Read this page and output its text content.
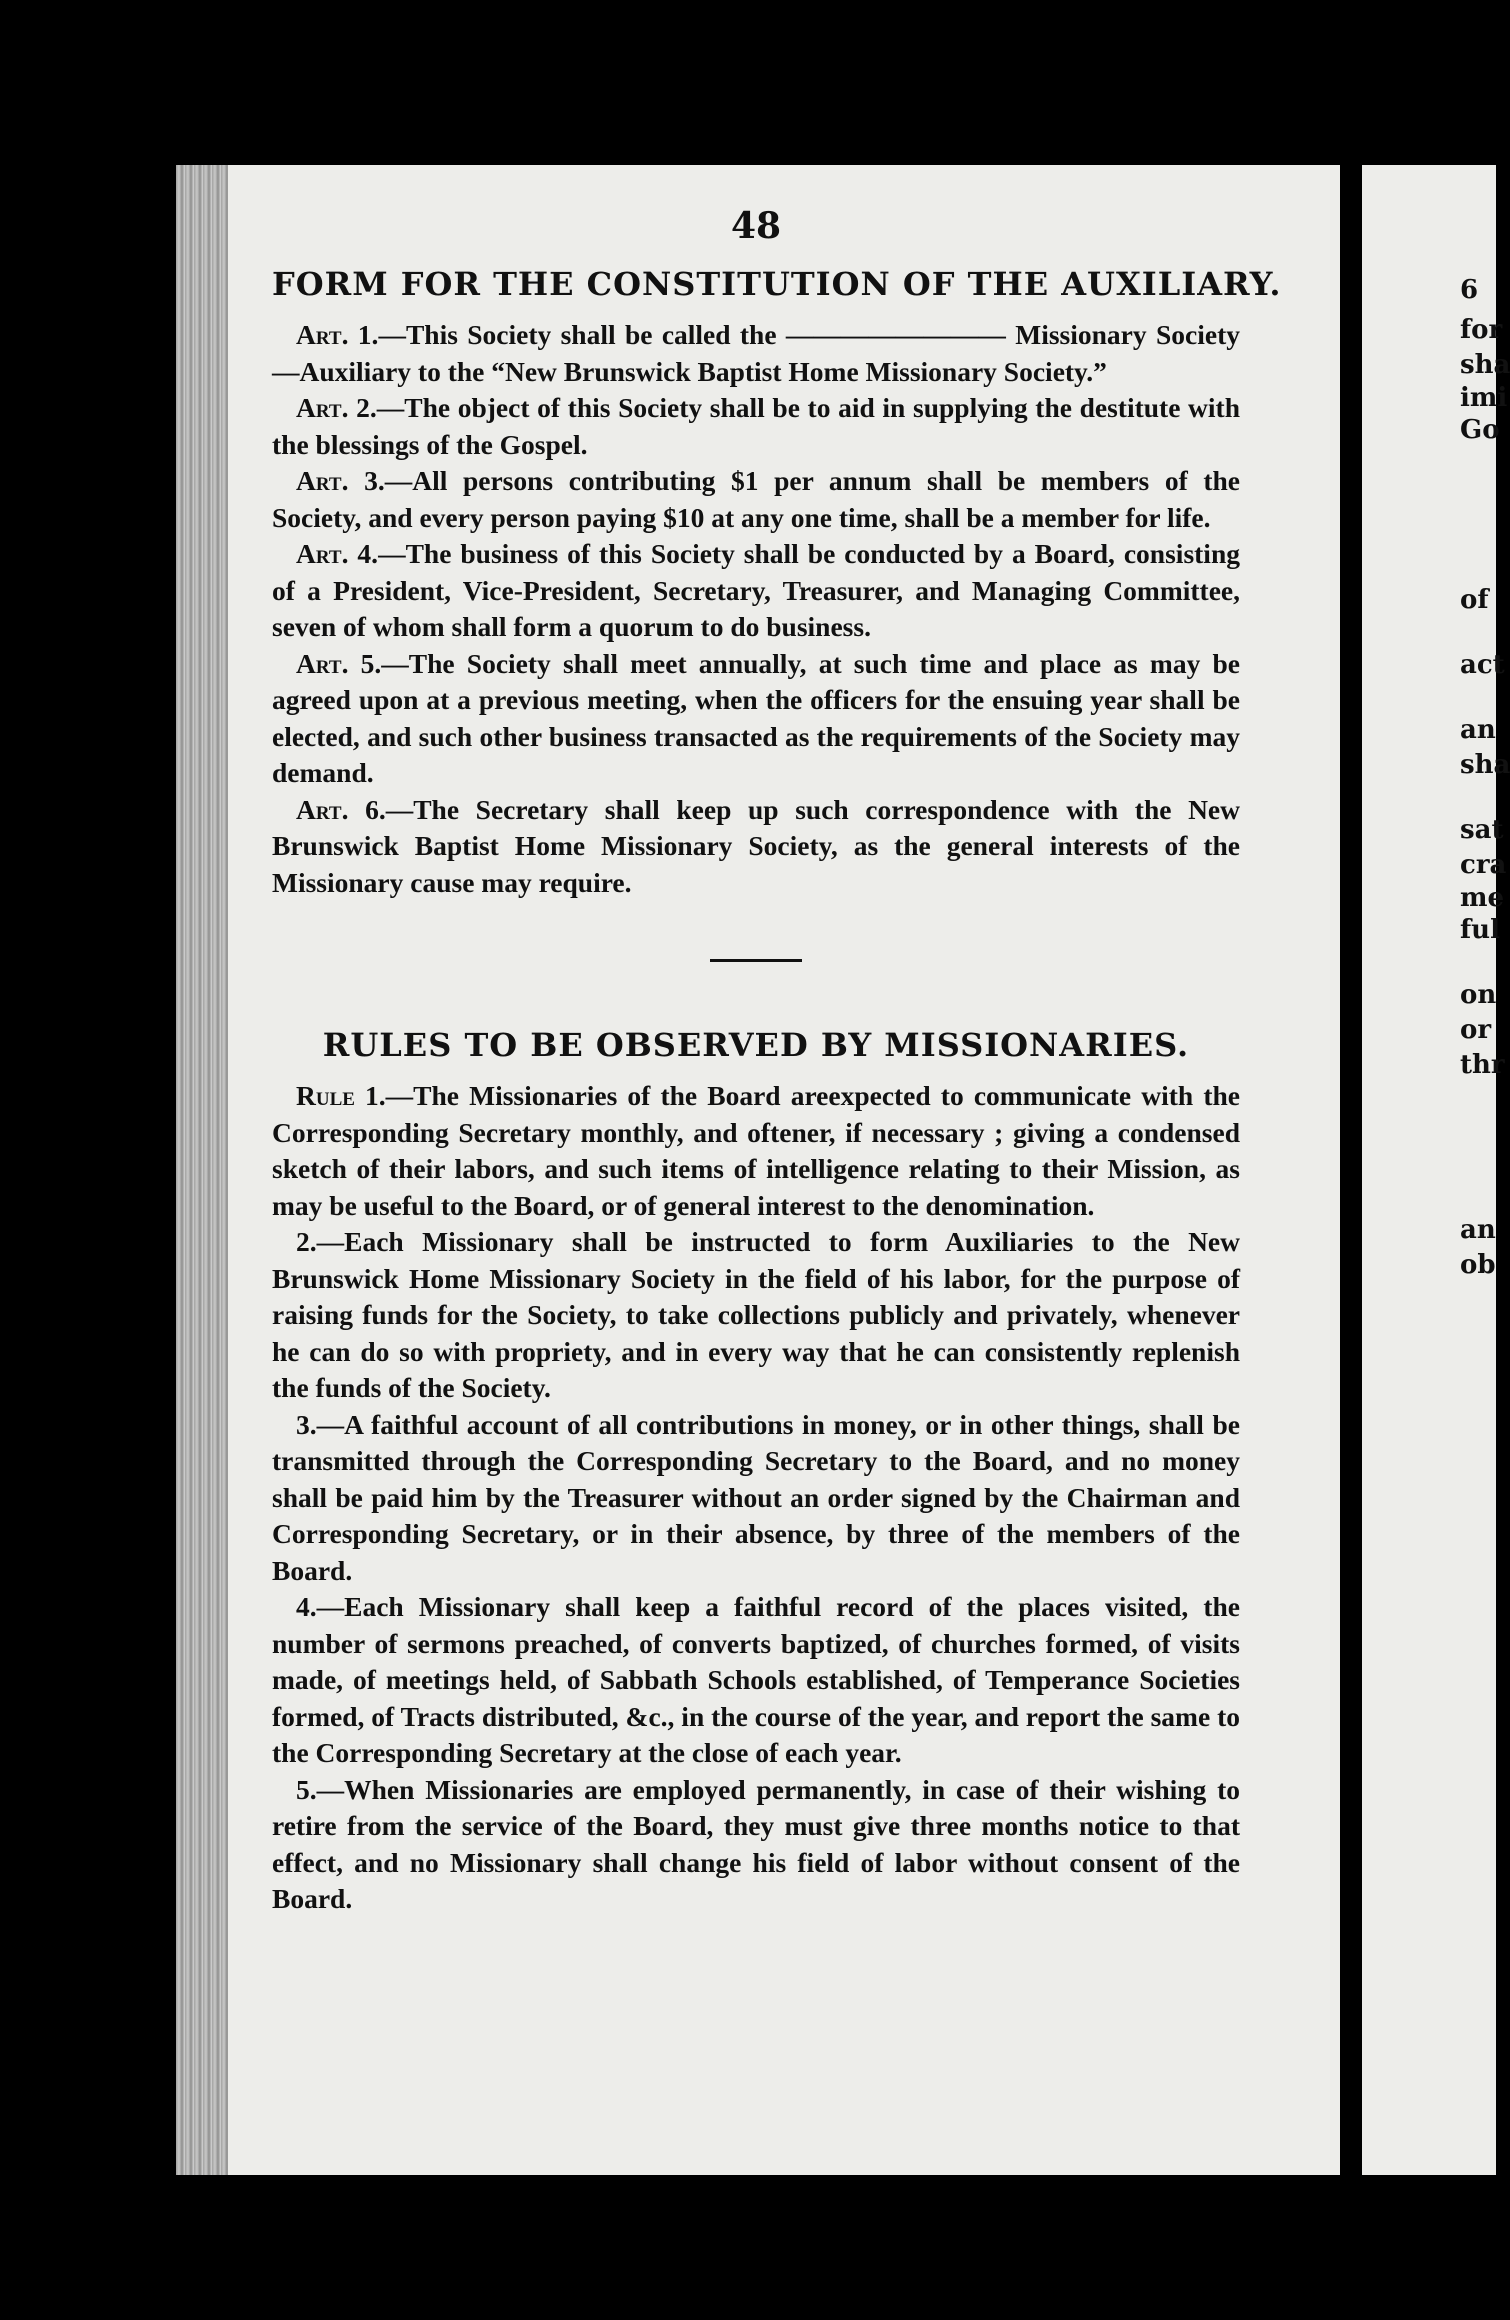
6
for
sha
imi
Go
of
act
an
sha
sat
cra
me
ful
on
or
thr
an
ob
48
FORM FOR THE CONSTITUTION OF THE AUXILIARY.

Art. 1.—This Society shall be called the ———————— Missionary Society—Auxiliary to the “New Brunswick Baptist Home Missionary Society.”

Art. 2.—The object of this Society shall be to aid in supplying the destitute with the blessings of the Gospel.

Art. 3.—All persons contributing $1 per annum shall be members of the Society, and every person paying $10 at any one time, shall be a member for life.

Art. 4.—The business of this Society shall be conducted by a Board, consisting of a President, Vice-President, Secretary, Treasurer, and Managing Committee, seven of whom shall form a quorum to do business.

Art. 5.—The Society shall meet annually, at such time and place as may be agreed upon at a previous meeting, when the officers for the ensuing year shall be elected, and such other business transacted as the requirements of the Society may demand.

Art. 6.—The Secretary shall keep up such correspondence with the New Brunswick Baptist Home Missionary Society, as the general interests of the Missionary cause may require.

RULES TO BE OBSERVED BY MISSIONARIES.

Rule 1.—The Missionaries of the Board areexpected to communicate with the Corresponding Secretary monthly, and oftener, if necessary ; giving a condensed sketch of their labors, and such items of intelligence relating to their Mission, as may be useful to the Board, or of general interest to the denomination.

2.—Each Missionary shall be instructed to form Auxiliaries to the New Brunswick Home Missionary Society in the field of his labor, for the purpose of raising funds for the Society, to take collections publicly and privately, whenever he can do so with propriety, and in every way that he can consistently replenish the funds of the Society.

3.—A faithful account of all contributions in money, or in other things, shall be transmitted through the Corresponding Secretary to the Board, and no money shall be paid him by the Treasurer without an order signed by the Chairman and Corresponding Secretary, or in their absence, by three of the members of the Board.

4.—Each Missionary shall keep a faithful record of the places visited, the number of sermons preached, of converts baptized, of churches formed, of visits made, of meetings held, of Sabbath Schools established, of Temperance Societies formed, of Tracts distributed, &c., in the course of the year, and report the same to the Corresponding Secretary at the close of each year.

5.—When Missionaries are employed permanently, in case of their wishing to retire from the service of the Board, they must give three months notice to that effect, and no Missionary shall change his field of labor without consent of the Board.
